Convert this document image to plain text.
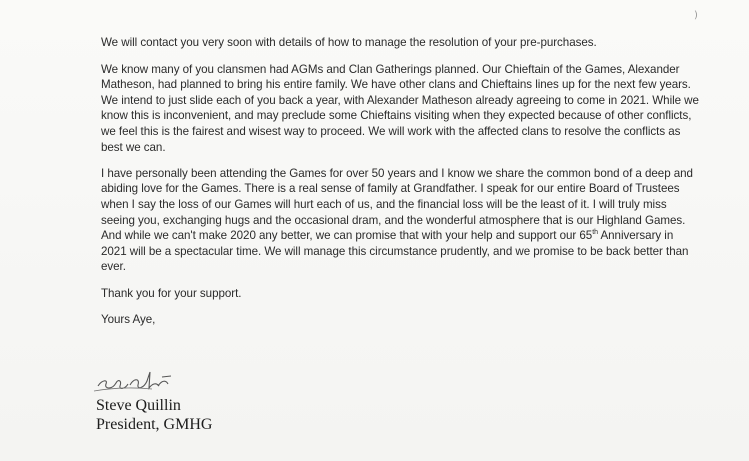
)

We will contact you very soon with details of how to manage the resolution of your pre-purchases.

We know many of you clansmen had AGMs and Clan Gatherings planned. Our Chieftain of the Games, Alexander Matheson, had planned to bring his entire family. We have other clans and Chieftains lines up for the next few years. We intend to just slide each of you back a year, with Alexander Matheson already agreeing to come in 2021. While we know this is inconvenient, and may preclude some Chieftains visiting when they expected because of other conflicts, we feel this is the fairest and wisest way to proceed. We will work with the affected clans to resolve the conflicts as best we can.

I have personally been attending the Games for over 50 years and I know we share the common bond of a deep and abiding love for the Games. There is a real sense of family at Grandfather. I speak for our entire Board of Trustees when I say the loss of our Games will hurt each of us, and the financial loss will be the least of it. I will truly miss seeing you, exchanging hugs and the occasional dram, and the wonderful atmosphere that is our Highland Games. And while we can't make 2020 any better, we can promise that with your help and support our 65th Anniversary in 2021 will be a spectacular time. We will manage this circumstance prudently, and we promise to be back better than ever.

Thank you for your support.

Yours Aye,

Steve Quillin
President, GMHG
